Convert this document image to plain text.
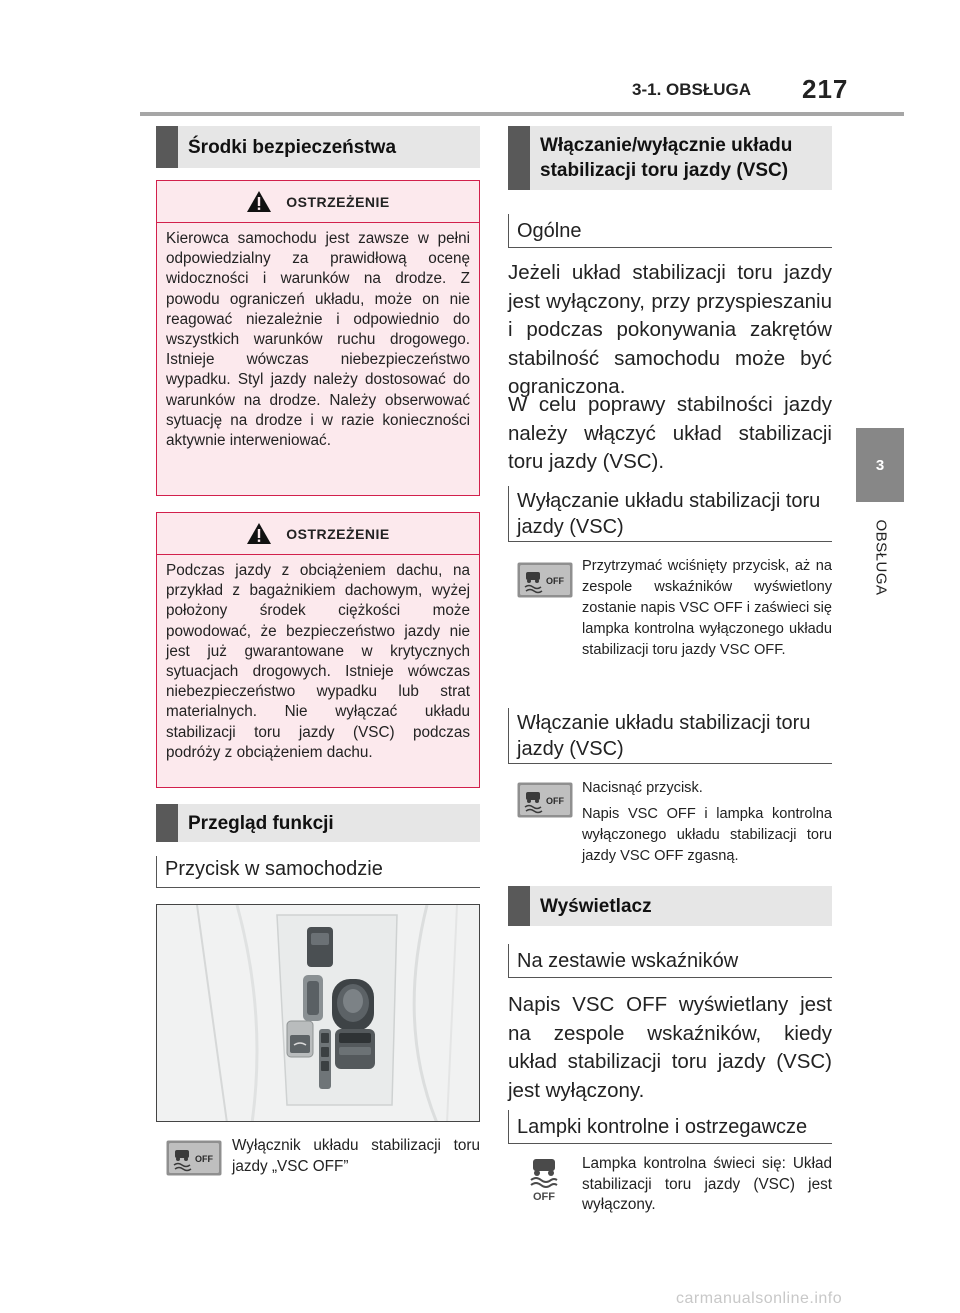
3-1. OBSŁUGA 217
3
OBSŁUGA
Środki bezpieczeństwa
OSTRZEŻENIE
Kierowca samochodu jest zawsze w pełni odpowiedzialny za prawidłową ocenę widoczności i warunków na drodze. Z powodu ograniczeń układu, może on nie reagować niezależnie i odpowiednio do wszystkich warunków ruchu drogowego. Istnieje wówczas niebezpieczeństwo wypadku. Styl jazdy należy dostosować do warunków na drodze. Należy obserwować sytuację na drodze i w razie konieczności aktywnie interweniować.
OSTRZEŻENIE
Podczas jazdy z obciążeniem dachu, na przykład z bagażnikiem dachowym, wyżej położony środek ciężkości może powodować, że bezpieczeństwo jazdy nie jest już gwarantowane w krytycznych sytuacjach drogowych. Istnieje wówczas niebezpieczeństwo wypadku lub strat materialnych. Nie wyłączać układu stabilizacji toru jazdy (VSC) podczas podróży z obciążeniem dachu.
Przegląd funkcji
Przycisk w samochodzie
OFF
Wyłącznik układu stabilizacji toru jazdy „VSC OFF”
Włączanie/wyłącznie układu stabilizacji toru jazdy (VSC)
Ogólne
Jeżeli układ stabilizacji toru jazdy jest wyłączony, przy przyspieszaniu i podczas pokonywania zakrętów stabilność samochodu może być ograniczona.
W celu poprawy stabilności jazdy należy włączyć układ stabilizacji toru jazdy (VSC).
Wyłączanie układu stabilizacji toru jazdy (VSC)
OFF
Przytrzymać wciśnięty przycisk, aż na zespole wskaźników wyświetlony zostanie napis VSC OFF i zaświeci się lampka kontrolna wyłączonego układu stabilizacji toru jazdy VSC OFF.
Włączanie układu stabilizacji toru jazdy (VSC)
OFF

Nacisnąć przycisk.

Napis VSC OFF i lampka kontrolna wyłączonego układu stabilizacji toru jazdy VSC OFF zgasną.

Wyświetlacz
Na zestawie wskaźników
Napis VSC OFF wyświetlany jest na zespole wskaźników, kiedy układ stabilizacji toru jazdy (VSC) jest wyłączony.
Lampki kontrolne i ostrzegawcze
OFF
Lampka kontrolna świeci się: Układ stabilizacji toru jazdy (VSC) jest wyłączony.
carmanualsonline.info
